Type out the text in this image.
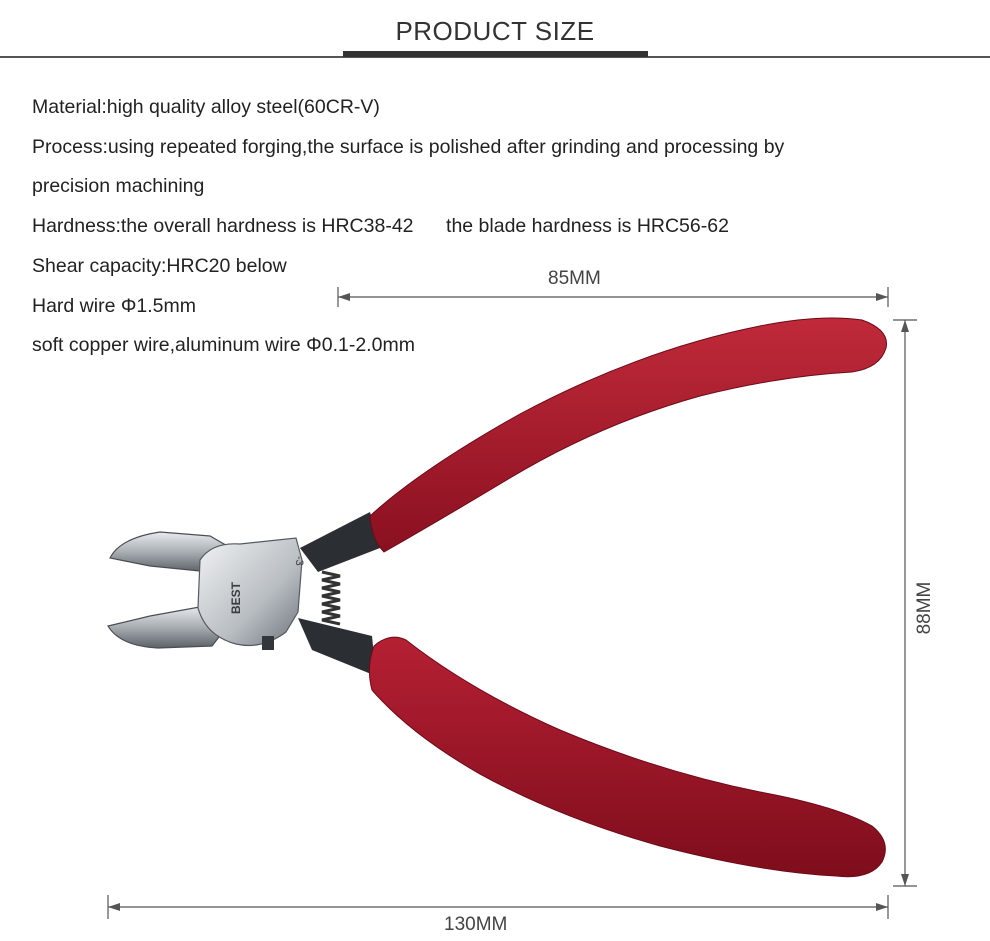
PRODUCT SIZE
Material:high quality alloy steel(60CR-V)
Process:using repeated forging,the surface is polished after grinding and processing by
precision machining
Hardness:the overall hardness is HRC38-42      the blade hardness is HRC56-62
Shear capacity:HRC20 below
Hard wire Φ1.5mm
soft copper wire,aluminum wire Φ0.1-2.0mm
BEST
-3
85MM
88MM
130MM
